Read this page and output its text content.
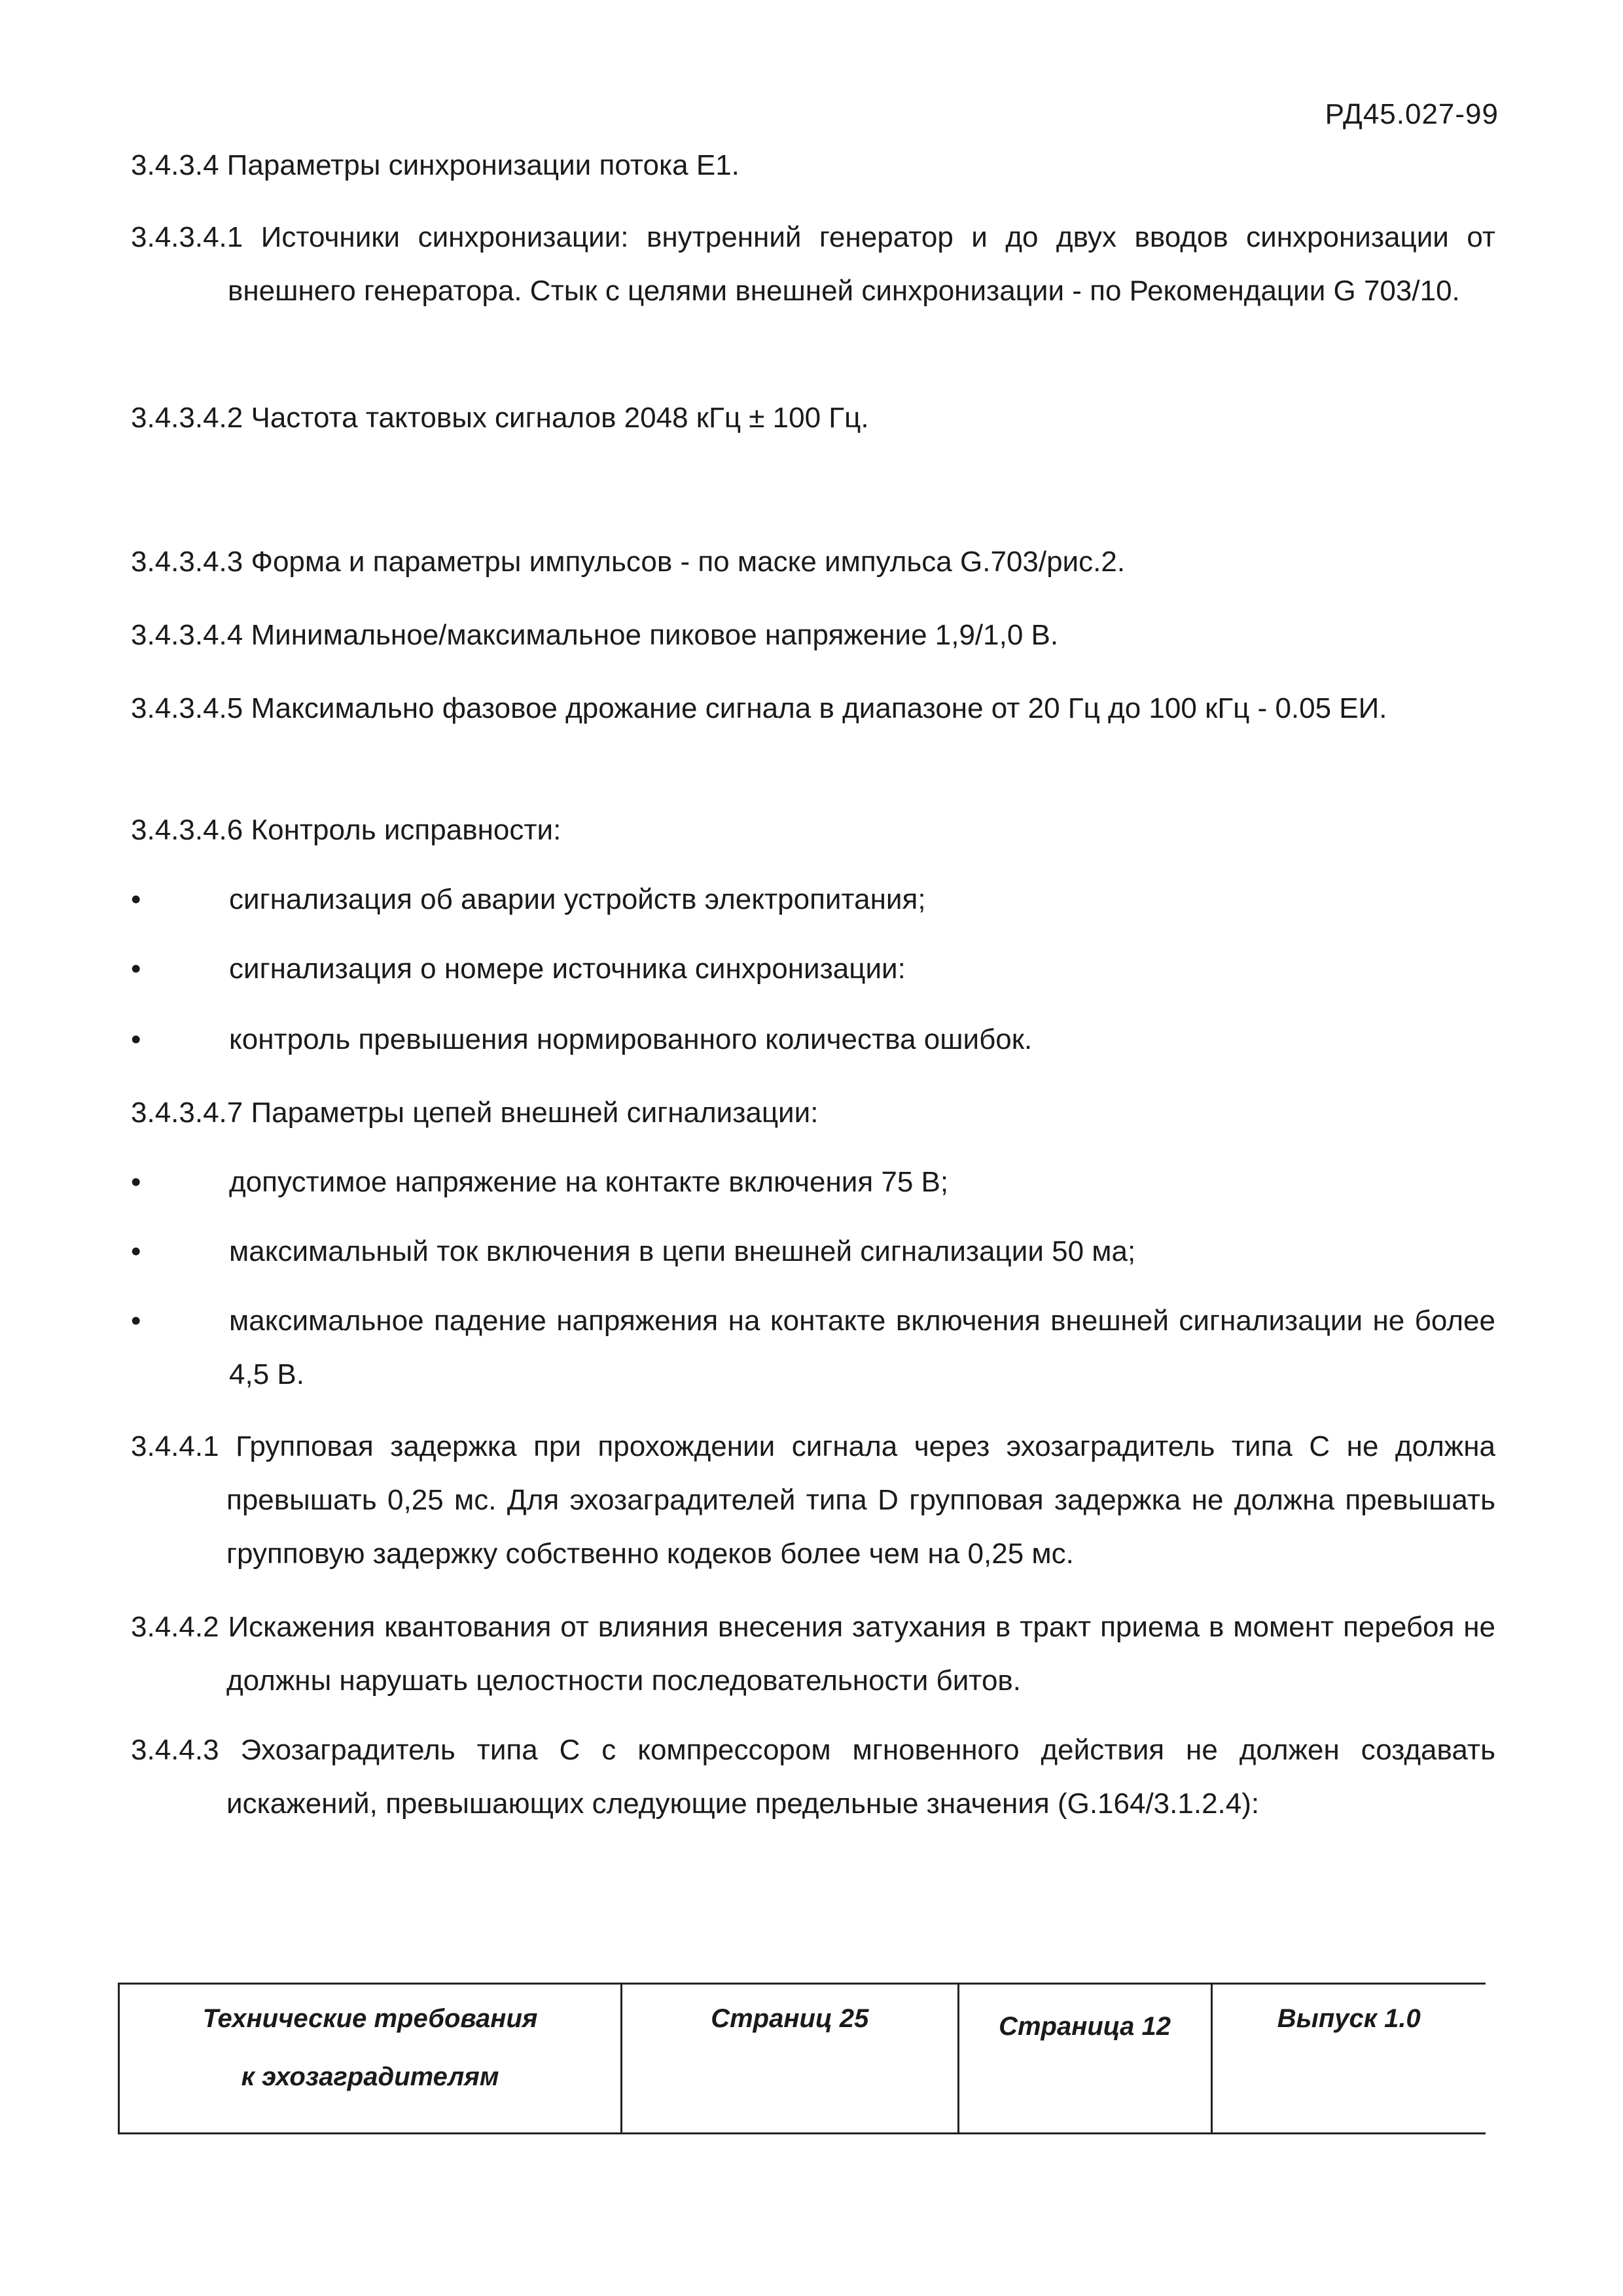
РД45.027-99
3.4.3.4 Параметры синхронизации потока Е1.
3.4.3.4.1 Источники синхронизации: внутренний генератор и до двух вводов синхронизации от внешнего генератора. Стык с целями внешней синхронизации - по Рекомендации G 703/10.
3.4.3.4.2 Частота тактовых сигналов 2048 кГц ± 100 Гц.
3.4.3.4.3 Форма и параметры импульсов - по маске импульса G.703/рис.2.
3.4.3.4.4 Минимальное/максимальное пиковое напряжение 1,9/1,0 В.
3.4.3.4.5 Максимально фазовое дрожание сигнала в диапазоне от 20 Гц до 100 кГц - 0.05 ЕИ.
3.4.3.4.6 Контроль исправности:
•	сигнализация об аварии устройств электропитания;
•	сигнализация о номере источника синхронизации:
•	контроль превышения нормированного количества ошибок.
3.4.3.4.7 Параметры цепей внешней сигнализации:
•	допустимое напряжение на контакте включения 75 В;
•	максимальный ток включения в цепи внешней сигнализации 50 ма;
•	максимальное падение напряжения на контакте включения внешней сигнализации не более 4,5 В.
3.4.4.1 Групповая задержка при прохождении сигнала через эхозаградитель типа С не должна превышать 0,25 мс. Для эхозаградителей типа D групповая задержка не должна превышать групповую задержку собственно кодеков более чем на 0,25 мс.
3.4.4.2 Искажения квантования от влияния внесения затухания в тракт приема в момент перебоя не должны нарушать целостности последовательности битов.
3.4.4.3 Эхозаградитель типа С с компрессором мгновенного действия не должен создавать искажений, превышающих следующие предельные значения (G.164/3.1.2.4):
Технические требования
к эхозаградителям
	Страниц 25	Страница 12	Выпуск 1.0
